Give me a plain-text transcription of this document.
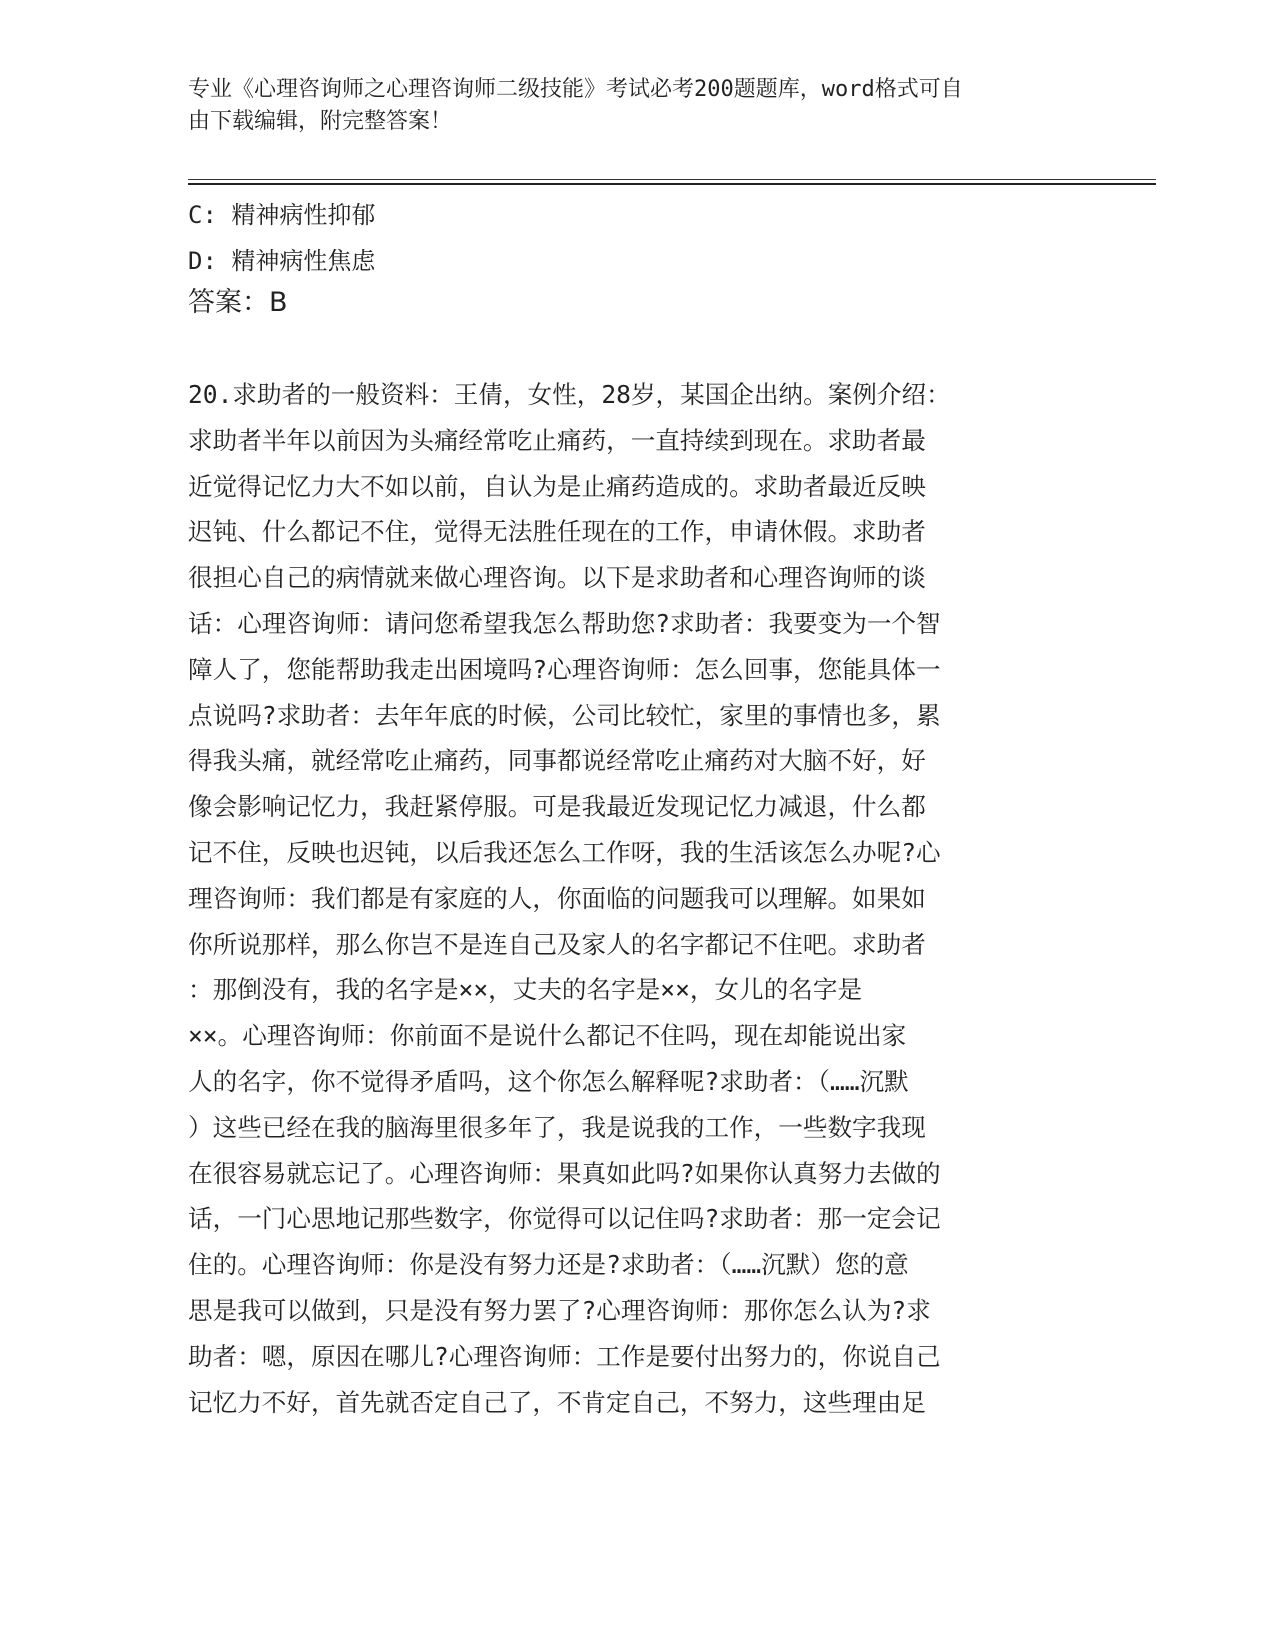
专业《心理咨询师之心理咨询师二级技能》考试必考200题题库，word格式可自
由下载编辑，附完整答案！
C: 精神病性抑郁
D: 精神病性焦虑
答案：B
20.求助者的一般资料：王倩，女性，28岁，某国企出纳。案例介绍：
求助者半年以前因为头痛经常吃止痛药，一直持续到现在。求助者最
近觉得记忆力大不如以前，自认为是止痛药造成的。求助者最近反映
迟钝、什么都记不住，觉得无法胜任现在的工作，申请休假。求助者
很担心自己的病情就来做心理咨询。以下是求助者和心理咨询师的谈
话：心理咨询师：请问您希望我怎么帮助您?求助者：我要变为一个智
障人了，您能帮助我走出困境吗?心理咨询师：怎么回事，您能具体一
点说吗?求助者：去年年底的时候，公司比较忙，家里的事情也多，累
得我头痛，就经常吃止痛药，同事都说经常吃止痛药对大脑不好，好
像会影响记忆力，我赶紧停服。可是我最近发现记忆力减退，什么都
记不住，反映也迟钝，以后我还怎么工作呀，我的生活该怎么办呢?心
理咨询师：我们都是有家庭的人，你面临的问题我可以理解。如果如
你所说那样，那么你岂不是连自己及家人的名字都记不住吧。求助者
：那倒没有，我的名字是××，丈夫的名字是××，女儿的名字是
××。心理咨询师：你前面不是说什么都记不住吗，现在却能说出家
人的名字，你不觉得矛盾吗，这个你怎么解释呢?求助者：（……沉默
）这些已经在我的脑海里很多年了，我是说我的工作，一些数字我现
在很容易就忘记了。心理咨询师：果真如此吗?如果你认真努力去做的
话，一门心思地记那些数字，你觉得可以记住吗?求助者：那一定会记
住的。心理咨询师：你是没有努力还是?求助者：（……沉默）您的意
思是我可以做到，只是没有努力罢了?心理咨询师：那你怎么认为?求
助者：嗯，原因在哪儿?心理咨询师：工作是要付出努力的，你说自己
记忆力不好，首先就否定自己了，不肯定自己，不努力，这些理由足
